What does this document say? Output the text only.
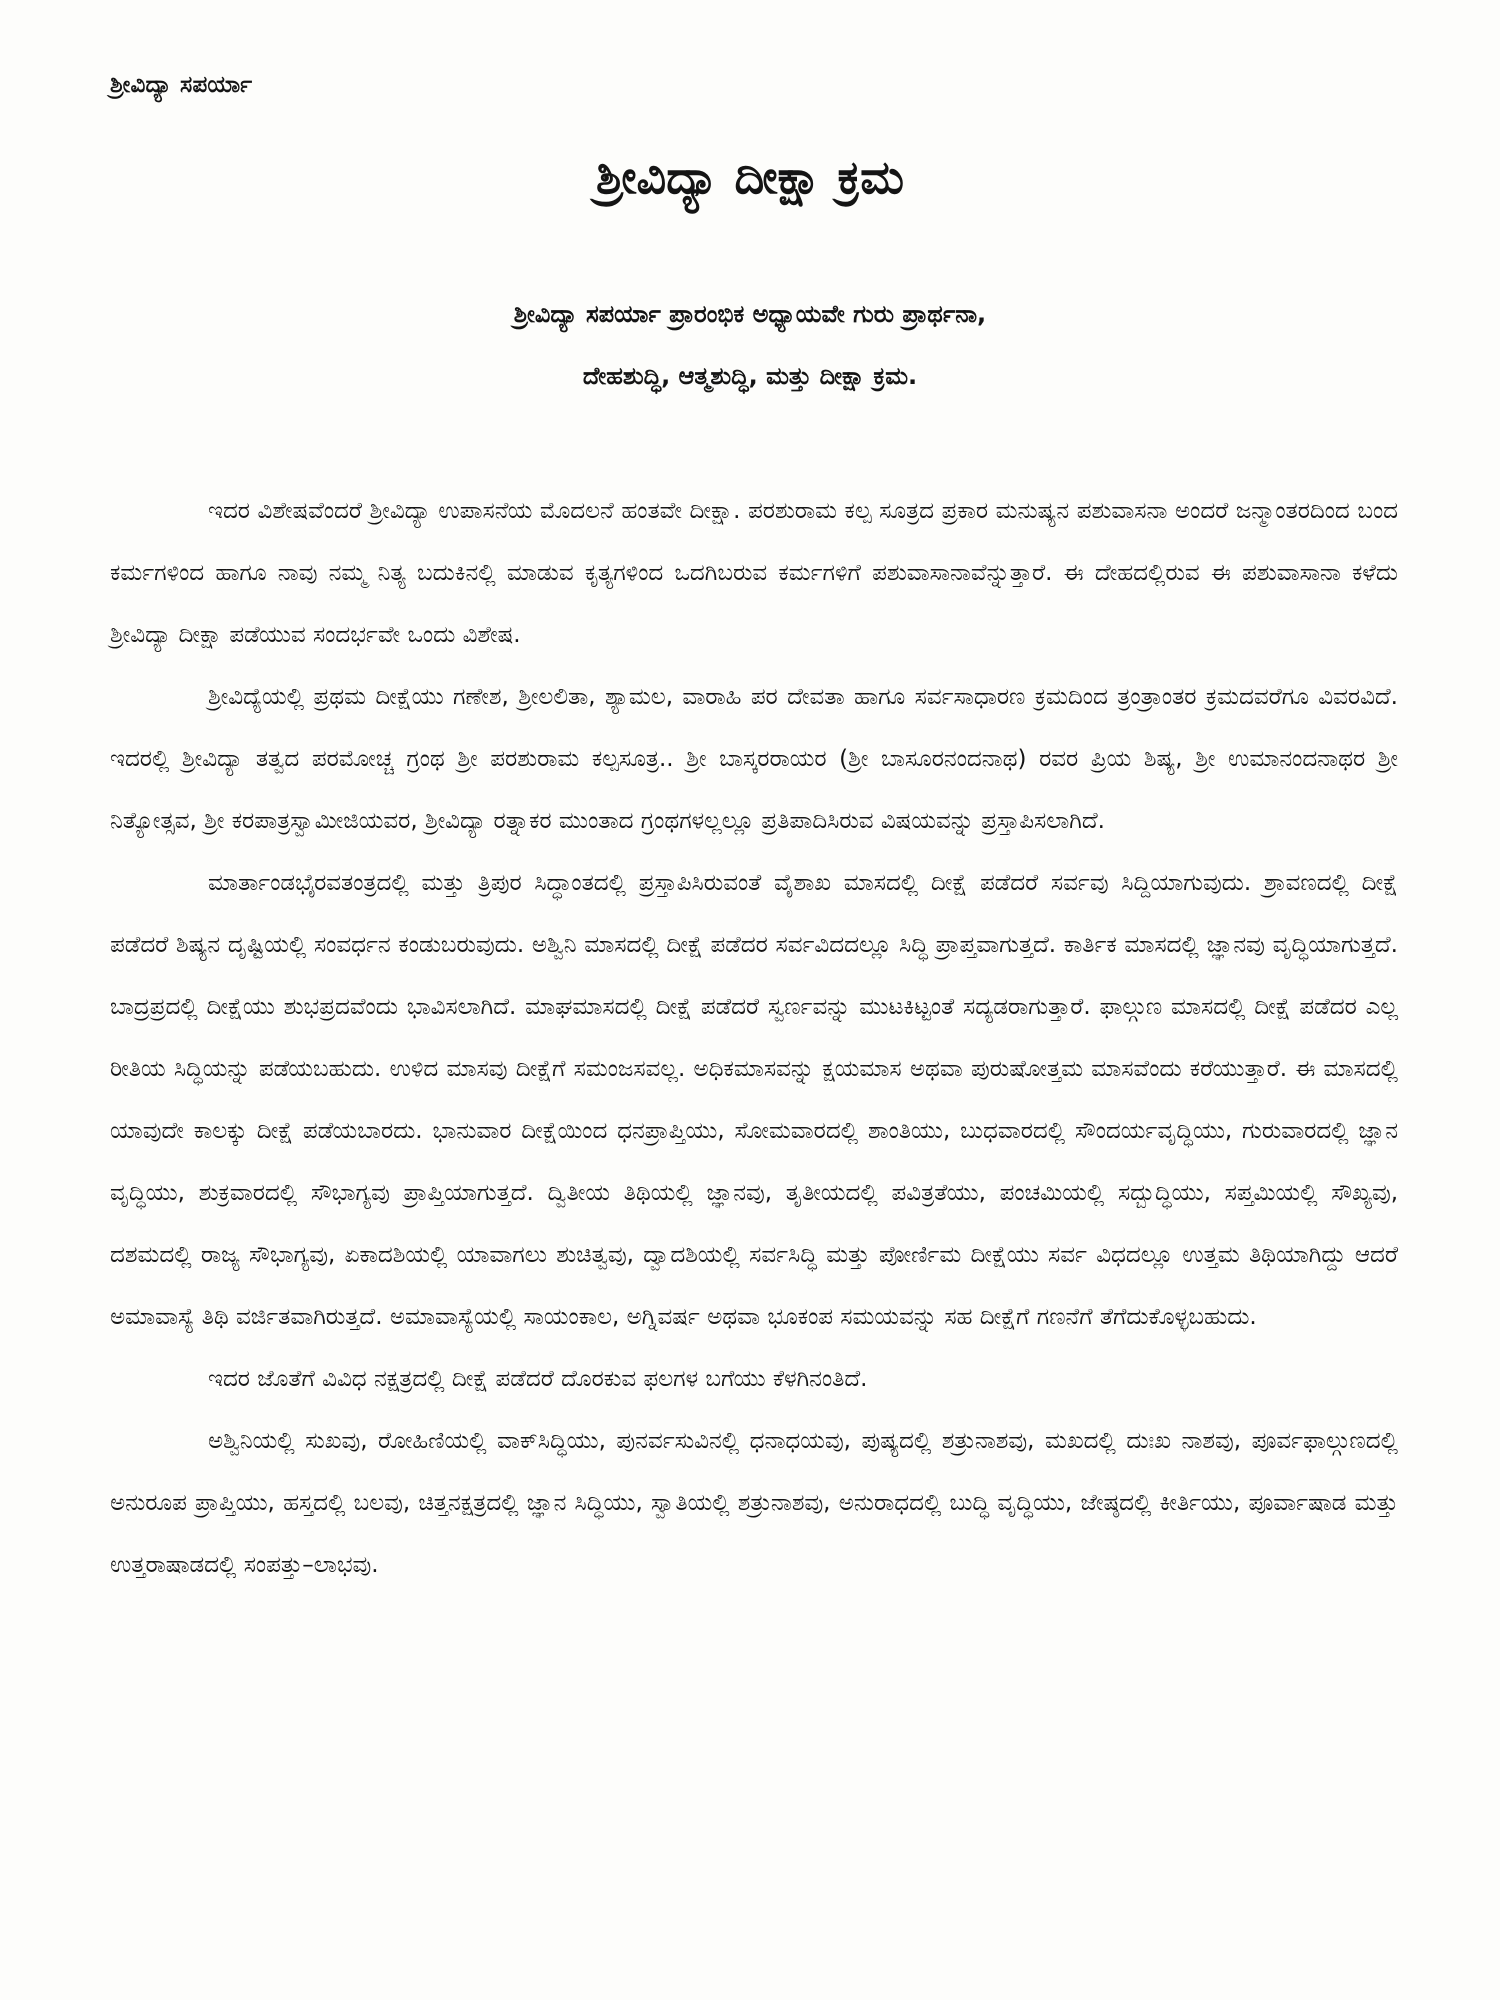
ಶ್ರೀವಿದ್ಯಾ ಸಪರ್ಯಾ
ಶ್ರೀವಿದ್ಯಾ ದೀಕ್ಷಾ ಕ್ರಮ
ಶ್ರೀವಿದ್ಯಾ ಸಪರ್ಯಾ ಪ್ರಾರಂಭಿಕ ಅಧ್ಯಾಯವೇ ಗುರು ಪ್ರಾರ್ಥನಾ,
ದೇಹಶುದ್ಧಿ, ಆತ್ಮಶುದ್ಧಿ, ಮತ್ತು ದೀಕ್ಷಾ ಕ್ರಮ.

ಇದರ ವಿಶೇಷವೆಂದರೆ ಶ್ರೀವಿದ್ಯಾ ಉಪಾಸನೆಯ ಮೊದಲನೆ ಹಂತವೇ ದೀಕ್ಷಾ. ಪರಶುರಾಮ ಕಲ್ಪ ಸೂತ್ರದ ಪ್ರಕಾರ ಮನುಷ್ಯನ ಪಶುವಾಸನಾ ಅಂದರೆ ಜನ್ಮಾಂತರದಿಂದ ಬಂದ ಕರ್ಮಗಳಿಂದ ಹಾಗೂ ನಾವು ನಮ್ಮ ನಿತ್ಯ ಬದುಕಿನಲ್ಲಿ ಮಾಡುವ ಕೃತ್ಯಗಳಿಂದ ಒದಗಿಬರುವ ಕರ್ಮಗಳಿಗೆ ಪಶುವಾಸಾನಾವೆನ್ನುತ್ತಾರೆ. ಈ ದೇಹದಲ್ಲಿರುವ ಈ ಪಶುವಾಸಾನಾ ಕಳೆದು ಶ್ರೀವಿದ್ಯಾ ದೀಕ್ಷಾ ಪಡೆಯುವ ಸಂದರ್ಭವೇ ಒಂದು ವಿಶೇಷ.

ಶ್ರೀವಿದ್ಯೆಯಲ್ಲಿ ಪ್ರಥಮ ದೀಕ್ಷೆಯು ಗಣೇಶ, ಶ್ರೀಲಲಿತಾ, ಶ್ಯಾಮಲ, ವಾರಾಹಿ ಪರ ದೇವತಾ ಹಾಗೂ ಸರ್ವಸಾಧಾರಣ ಕ್ರಮದಿಂದ ತ್ರಂತ್ರಾಂತರ ಕ್ರಮದವರೆಗೂ ವಿವರವಿದೆ. ಇದರಲ್ಲಿ ಶ್ರೀವಿದ್ಯಾ ತತ್ವದ ಪರಮೋಚ್ಚ ಗ್ರಂಥ ಶ್ರೀ ಪರಶುರಾಮ ಕಲ್ಪಸೂತ್ರ.. ಶ್ರೀ ಬಾಸ್ಕರರಾಯರ (ಶ್ರೀ ಬಾಸೂರನಂದನಾಥ) ರವರ ಪ್ರಿಯ ಶಿಷ್ಯ, ಶ್ರೀ ಉಮಾನಂದನಾಥರ ಶ್ರೀ ನಿತ್ಯೋತ್ಸವ, ಶ್ರೀ ಕರಪಾತ್ರಸ್ವಾಮೀಜಿಯವರ, ಶ್ರೀವಿದ್ಯಾ ರತ್ನಾಕರ ಮುಂತಾದ ಗ್ರಂಥಗಳಲ್ಲಲ್ಲೂ ಪ್ರತಿಪಾದಿಸಿರುವ ವಿಷಯವನ್ನು ಪ್ರಸ್ತಾಪಿಸಲಾಗಿದೆ.

ಮಾರ್ತಾಂಡಭೈರವತಂತ್ರದಲ್ಲಿ ಮತ್ತು ತ್ರಿಪುರ ಸಿದ್ಧಾಂತದಲ್ಲಿ ಪ್ರಸ್ತಾಪಿಸಿರುವಂತೆ ವೈಶಾಖ ಮಾಸದಲ್ಲಿ ದೀಕ್ಷೆ ಪಡೆದರೆ ಸರ್ವವು ಸಿದ್ದಿಯಾಗುವುದು. ಶ್ರಾವಣದಲ್ಲಿ ದೀಕ್ಷೆ ಪಡೆದರೆ ಶಿಷ್ಯನ ದೃಷ್ಟಿಯಲ್ಲಿ ಸಂವರ್ಧನ ಕಂಡುಬರುವುದು. ಅಶ್ವಿನಿ ಮಾಸದಲ್ಲಿ ದೀಕ್ಷೆ ಪಡೆದರ ಸರ್ವವಿದದಲ್ಲೂ ಸಿದ್ಧಿ ಪ್ರಾಪ್ತವಾಗುತ್ತದೆ. ಕಾರ್ತಿಕ ಮಾಸದಲ್ಲಿ ಜ್ಞಾನವು ವೃದ್ಧಿಯಾಗುತ್ತದೆ. ಬಾದ್ರಪ್ರದಲ್ಲಿ ದೀಕ್ಷೆಯು ಶುಭಪ್ರದವೆಂದು ಭಾವಿಸಲಾಗಿದೆ. ಮಾಘಮಾಸದಲ್ಲಿ ದೀಕ್ಷೆ ಪಡೆದರೆ ಸ್ವರ್ಣವನ್ನು ಮುಟಕಿಟ್ಟಂತೆ ಸದ್ಯಡರಾಗುತ್ತಾರೆ. ಫಾಲ್ಗುಣ ಮಾಸದಲ್ಲಿ ದೀಕ್ಷೆ ಪಡೆದರ ಎಲ್ಲ ರೀತಿಯ ಸಿದ್ಧಿಯನ್ನು ಪಡೆಯಬಹುದು. ಉಳಿದ ಮಾಸವು ದೀಕ್ಷೆಗೆ ಸಮಂಜಸವಲ್ಲ. ಅಧಿಕಮಾಸವನ್ನು ಕ್ಷಯಮಾಸ ಅಥವಾ ಪುರುಷೋತ್ತಮ ಮಾಸವೆಂದು ಕರೆಯುತ್ತಾರೆ. ಈ ಮಾಸದಲ್ಲಿ ಯಾವುದೇ ಕಾಲಕ್ಕು ದೀಕ್ಷೆ ಪಡೆಯಬಾರದು. ಭಾನುವಾರ ದೀಕ್ಷೆಯಿಂದ ಧನಪ್ರಾಪ್ತಿಯು, ಸೋಮವಾರದಲ್ಲಿ ಶಾಂತಿಯು, ಬುಧವಾರದಲ್ಲಿ ಸೌಂದರ್ಯವೃದ್ಧಿಯು, ಗುರುವಾರದಲ್ಲಿ ಜ್ಞಾನ ವೃದ್ಧಿಯು, ಶುಕ್ರವಾರದಲ್ಲಿ ಸೌಭಾಗ್ಯವು ಪ್ರಾಪ್ತಿಯಾಗುತ್ತದೆ. ದ್ವಿತೀಯ ತಿಥಿಯಲ್ಲಿ ಜ್ಞಾನವು, ತೃತೀಯದಲ್ಲಿ ಪವಿತ್ರತೆಯು, ಪಂಚಮಿಯಲ್ಲಿ ಸದ್ಬುದ್ಧಿಯು, ಸಪ್ತಮಿಯಲ್ಲಿ ಸೌಖ್ಯವು, ದಶಮದಲ್ಲಿ ರಾಜ್ಯ ಸೌಭಾಗ್ಯವು, ಏಕಾದಶಿಯಲ್ಲಿ ಯಾವಾಗಲು ಶುಚಿತ್ವವು, ದ್ವಾದಶಿಯಲ್ಲಿ ಸರ್ವಸಿದ್ಧಿ ಮತ್ತು ಪೋರ್ಣಿಮ ದೀಕ್ಷೆಯು ಸರ್ವ ವಿಧದಲ್ಲೂ ಉತ್ತಮ ತಿಥಿಯಾಗಿದ್ದು ಆದರೆ ಅಮಾವಾಸ್ಯೆ ತಿಥಿ ವರ್ಜಿತವಾಗಿರುತ್ತದೆ. ಅಮಾವಾಸ್ಯೆಯಲ್ಲಿ ಸಾಯಂಕಾಲ, ಅಗ್ನಿವರ್ಷ ಅಥವಾ ಭೂಕಂಪ ಸಮಯವನ್ನು ಸಹ ದೀಕ್ಷೆಗೆ ಗಣನೆಗೆ ತೆಗೆದುಕೊಳ್ಳಬಹುದು.

ಇದರ ಜೊತೆಗೆ ವಿವಿಧ ನಕ್ಷತ್ರದಲ್ಲಿ ದೀಕ್ಷೆ ಪಡೆದರೆ ದೊರಕುವ ಫಲಗಳ ಬಗೆಯು ಕೆಳಗಿನಂತಿದೆ.

ಅಶ್ವಿನಿಯಲ್ಲಿ ಸುಖವು, ರೋಹಿಣಿಯಲ್ಲಿ ವಾಕ್‌ಸಿದ್ಧಿಯು, ಪುನರ್ವಸುವಿನಲ್ಲಿ ಧನಾಧಯವು, ಪುಷ್ಯದಲ್ಲಿ ಶತ್ರುನಾಶವು, ಮಖದಲ್ಲಿ ದುಃಖ ನಾಶವು, ಪೂರ್ವಫಾಲ್ಗುಣದಲ್ಲಿ ಅನುರೂಪ ಪ್ರಾಪ್ತಿಯು, ಹಸ್ತದಲ್ಲಿ ಬಲವು, ಚಿತ್ತನಕ್ಷತ್ರದಲ್ಲಿ ಜ್ಞಾನ ಸಿದ್ಧಿಯು, ಸ್ವಾತಿಯಲ್ಲಿ ಶತ್ರುನಾಶವು, ಅನುರಾಧದಲ್ಲಿ ಬುದ್ಧಿ ವೃದ್ಧಿಯು, ಜೇಷ್ಠದಲ್ಲಿ ಕೀರ್ತಿಯು, ಪೂರ್ವಾಷಾಡ ಮತ್ತು ಉತ್ತರಾಷಾಡದಲ್ಲಿ ಸಂಪತ್ತು–ಲಾಭವು.
